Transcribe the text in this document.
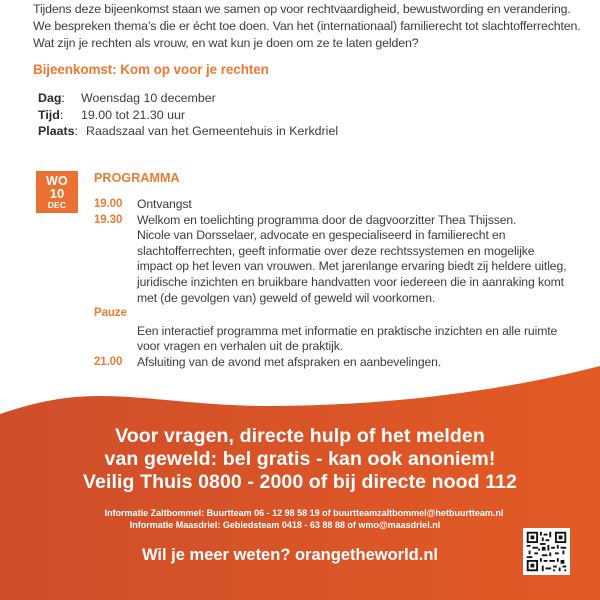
Tijdens deze bijeenkomst staan we samen op voor rechtvaardigheid, bewustwording en verandering.

We bespreken thema’s die er écht toe doen. Van het (internationaal) familierecht tot slachtofferrechten.

Wat zijn je rechten als vrouw, en wat kun je doen om ze te laten gelden?

Bijeenkomst: Kom op voor je rechten
Dag:	Woensdag 10 december
Tijd:	19.00 tot 21.30 uur
Plaats: Raadszaal van het Gemeentehuis in Kerkdriel
WO
10
DEC
PROGRAMMA
19.00	Ontvangst

19.30	Welkom en toelichting programma door de dagvoorzitter Thea Thijssen.

Nicole van Dorsselaer, advocate en gespecialiseerd in familierecht en

slachtofferrechten, geeft informatie over deze rechtssystemen en mogelijke

impact op het leven van vrouwen. Met jarenlange ervaring biedt zij heldere uitleg,

juridische inzichten en bruikbare handvatten voor iedereen die in aanraking komt

met (de gevolgen van) geweld of geweld wil voorkomen.

Pauze

Een interactief programma met informatie en praktische inzichten en alle ruimte

voor vragen en verhalen uit de praktijk.

21.00	Afsluiting van de avond met afspraken en aanbevelingen.

Voor vragen, directe hulp of het melden

van geweld: bel gratis - kan ook anoniem!

Veilig Thuis 0800 - 2000 of bij directe nood 112

Informatie Zaltbommel: Buurtteam 06 - 12 98 58 19 of buurtteamzaltbommel@hetbuurtteam.nl

Informatie Maasdriel: Gebiedsteam 0418 - 63 88 88 of wmo@maasdriel.nl

Wil je meer weten? orangetheworld.nl
